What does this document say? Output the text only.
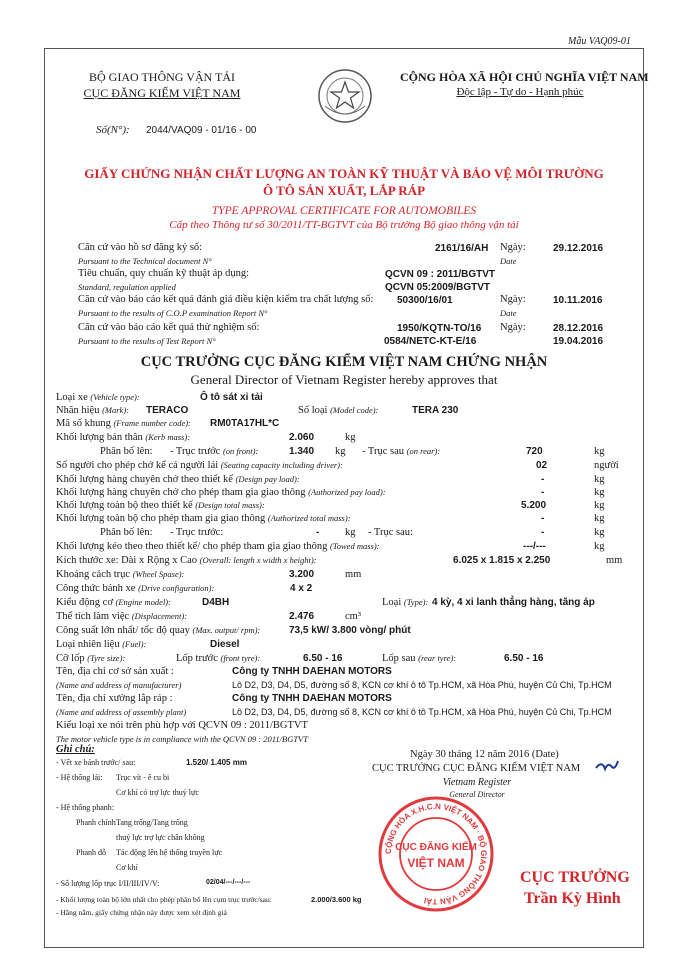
Mẫu VAQ09-01
BỘ GIAO THÔNG VẬN TẢI
CỤC ĐĂNG KIỂM VIỆT NAM
CỘNG HÒA XÃ HỘI CHỦ NGHĨA VIỆT NAM
Độc lập - Tự do - Hạnh phúc
Số(N°): 2044/VAQ09 - 01/16 - 00
GIẤY CHỨNG NHẬN CHẤT LƯỢNG AN TOÀN KỸ THUẬT VÀ BẢO VỆ MÔI TRƯỜNG
Ô TÔ SẢN XUẤT, LẮP RÁP
TYPE APPROVAL CERTIFICATE FOR AUTOMOBILES
Cấp theo Thông tư số 30/2011/TT-BGTVT của Bộ trưởng Bộ giao thông vận tải
Căn cứ vào hồ sơ đăng ký số:
Pursuant to the Technical document N°
2161/16/AH Ngày:
Date
29.12.2016
Tiêu chuẩn, quy chuẩn kỹ thuật áp dụng:
Standard, regulation applied
QCVN 09 : 2011/BGTVT
QCVN 05:2009/BGTVT
Căn cứ vào báo cáo kết quả đánh giá điều kiện kiểm tra chất lượng số:
Pursuant to the results of C.O.P examination Report N°
50300/16/01	Ngày:
Date
10.11.2016
Căn cứ vào báo cáo kết quả thử nghiệm số:
Pursuant to the results of Test Report N°
1950/KQTN-TO/16
0584/NETC-KT-E/16
Ngày:	28.12.2016
19.04.2016
CỤC TRƯỞNG CỤC ĐĂNG KIỂM VIỆT NAM CHỨNG NHẬN
General Director of Vietnam Register hereby approves that
Loại xe (Vehicle type):	Ô tô sát xi tải
Nhãn hiệu (Mark): TERACO	Số loại (Model code):	TERA 230
Mã số khung (Frame number code): RM0TA17HL*C
Khối lượng bản thân (Kerb mass):	2.060	kg
Phân bố lên: - Trục trước (on front):	1.340 kg - Trục sau (on rear):	720	kg
Số người cho phép chở kể cả người lái (Seating capacity including driver):	02	người
Khối lượng hàng chuyên chở theo thiết kế (Design pay load):	-	kg
Khối lượng hàng chuyên chở cho phép tham gia giao thông (Authorized pay load):	-	kg
Khối lượng toàn bộ theo thiết kế (Design total mass):	5.200	kg
Khối lượng toàn bộ cho phép tham gia giao thông (Authorized total mass):	-	kg
Phân bố lên: - Trục trước:	- kg - Trục sau:	-	kg
Khối lượng kéo theo theo thiết kế/ cho phép tham gia giao thông (Towed mass):	---/---	kg
Kích thước xe: Dài x Rộng x Cao (Overall: length x width x height):	6.025 x 1.815 x 2.250	mm
Khoảng cách trục (Wheel Spase):	3.200	mm
Công thức bánh xe (Drive configuration):	4 x 2
Kiểu động cơ (Engine model):	D4BH	Loại (Type): 4 kỳ, 4 xi lanh thẳng hàng, tăng áp
Thể tích làm việc (Displacement):	2.476	cm³
Công suất lớn nhất/ tốc độ quay (Max. output/ rpm):	73,5 kW/ 3.800 vòng/ phút
Loại nhiên liệu (Fuel):	Diesel
Cỡ lốp (Tyre size):	Lốp trước (front tyre):	6.50 - 16	Lốp sau (rear tyre):	6.50 - 16
Tên, địa chỉ cơ sở sản xuất :	Công ty TNHH DAEHAN MOTORS
(Name and address of manufacturer)	Lô D2, D3, D4, D5, đường số 8, KCN cơ khí ô tô Tp.HCM, xã Hòa Phú, huyện Củ Chi, Tp.HCM
Tên, địa chỉ xưởng lắp ráp :	Công ty TNHH DAEHAN MOTORS
(Name and address of assembly plant)	Lô D2, D3, D4, D5, đường số 8, KCN cơ khí ô tô Tp.HCM, xã Hòa Phú, huyện Củ Chi, Tp.HCM
Kiểu loại xe nói trên phù hợp với QCVN 09 : 2011/BGTVT
The motor vehicle type is in compliance with the QCVN 09 : 2011/BGTVT
Ghi chú:
- Vết xe bánh trước/ sau:	1.520/ 1.405 mm
- Hệ thống lái: Trục vít - ê cu bi
Cơ khí có trợ lực thuỷ lực
- Hệ thống phanh:
Phanh chính Tang trống/Tang trống
thuỷ lực trợ lực chân không
Phanh đỗ Tác động lên hệ thống truyền lực
Cơ khí
- Số lượng lốp trục I/II/III/IV/V:	02/04/---/---/---
- Khối lượng toàn bộ lớn nhất cho phép phân bố lên cụm trục trước/sau:	2.000/3.600 kg
- Hãng nắm, giấy chứng nhận này được xem xét định giá
Ngày 30 tháng 12 năm 2016 (Date)
CỤC TRƯỞNG CỤC ĐĂNG KIỂM VIỆT NAM
Vietnam Register
General Director
CỘNG HÒA X.H.C.N VIỆT NAM · BỘ GIAO THÔNG VẬN TẢI
CỤC ĐĂNG KIỂM
VIỆT NAM
CỤC TRƯỞNG
Trần Kỳ Hình
